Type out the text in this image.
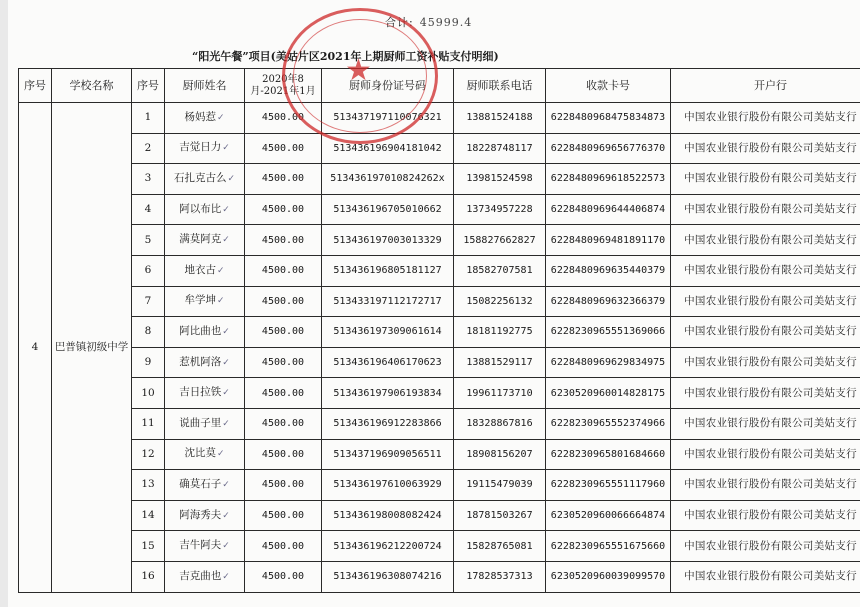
合计: 45999.4
“阳光午餐”项目(美姑片区2021年上期厨师工资补贴支付明细)
序号	学校名称	序号	厨师姓名	2020年8月-2021年1月	厨师身份证号码	厨师联系电话	收款卡号	开户行
4	巴普镇初级中学	1	杨妈惹 ✓	4500.00	513437197110076321	13881524188	6228480968475834873	中国农业银行股份有限公司美姑支行
		2	吉觉日力 ✓	4500.00	513436196904181042	18228748117	6228480969656776370	中国农业银行股份有限公司美姑支行
		3	石扎克古么 ✓	4500.00	513436197010824262x	13981524598	6228480969618522573	中国农业银行股份有限公司美姑支行
		4	阿以布比 ✓	4500.00	513436196705010662	13734957228	6228480969644406874	中国农业银行股份有限公司美姑支行
		5	满莫阿克 ✓	4500.00	513436197003013329	158827662827	6228480969481891170	中国农业银行股份有限公司美姑支行
		6	地衣古 ✓	4500.00	513436196805181127	18582707581	6228480969635440379	中国农业银行股份有限公司美姑支行
		7	牟学坤 ✓	4500.00	513433197112172717	15082256132	6228480969632366379	中国农业银行股份有限公司美姑支行
		8	阿比曲也 ✓	4500.00	513436197309061614	18181192775	6228230965551369066	中国农业银行股份有限公司美姑支行
		9	惹机阿洛 ✓	4500.00	513436196406170623	13881529117	6228480969629834975	中国农业银行股份有限公司美姑支行
		10	吉日拉铁 ✓	4500.00	513436197906193834	19961173710	6230520960014828175	中国农业银行股份有限公司美姑支行
		11	说曲子里 ✓	4500.00	513436196912283866	18328867816	6228230965552374966	中国农业银行股份有限公司美姑支行
		12	沈比莫 ✓	4500.00	513437196909056511	18908156207	6228230965801684660	中国农业银行股份有限公司美姑支行
		13	确莫石子 ✓	4500.00	513436197610063929	19115479039	6228230965551117960	中国农业银行股份有限公司美姑支行
		14	阿海秀夫 ✓	4500.00	513436198008082424	18781503267	6230520960066664874	中国农业银行股份有限公司美姑支行
		15	吉牛阿夫 ✓	4500.00	513436196212200724	15828765081	6228230965551675660	中国农业银行股份有限公司美姑支行
		16	吉克曲也 ✓	4500.00	513436196308074216	17828537313	6230520960039099570	中国农业银行股份有限公司美姑支行
★
